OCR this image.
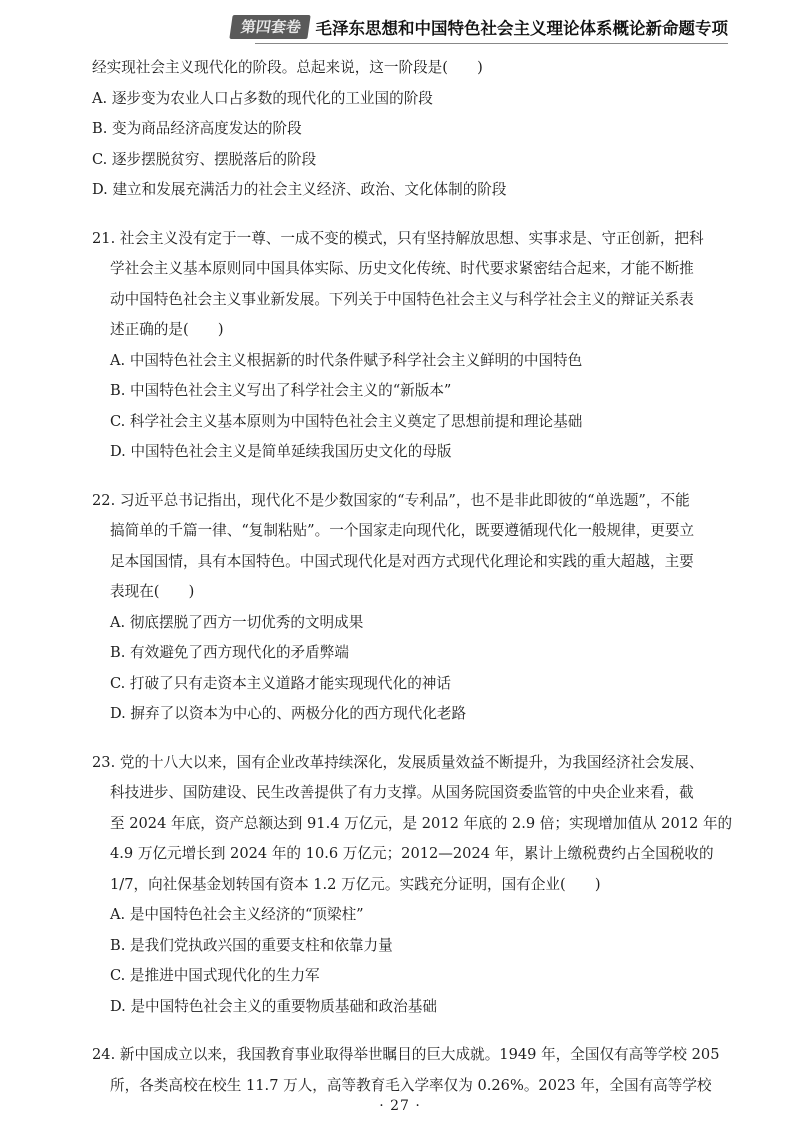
第四套卷 毛泽东思想和中国特色社会主义理论体系概论新命题专项
经实现社会主义现代化的阶段。总起来说，这一阶段是(　　)
A. 逐步变为农业人口占多数的现代化的工业国的阶段
B. 变为商品经济高度发达的阶段
C. 逐步摆脱贫穷、摆脱落后的阶段
D. 建立和发展充满活力的社会主义经济、政治、文化体制的阶段
21. 社会主义没有定于一尊、一成不变的模式，只有坚持解放思想、实事求是、守正创新，把科
学社会主义基本原则同中国具体实际、历史文化传统、时代要求紧密结合起来，才能不断推
动中国特色社会主义事业新发展。下列关于中国特色社会主义与科学社会主义的辩证关系表
述正确的是(　　)
A. 中国特色社会主义根据新的时代条件赋予科学社会主义鲜明的中国特色
B. 中国特色社会主义写出了科学社会主义的“新版本”
C. 科学社会主义基本原则为中国特色社会主义奠定了思想前提和理论基础
D. 中国特色社会主义是简单延续我国历史文化的母版
22. 习近平总书记指出，现代化不是少数国家的“专利品”，也不是非此即彼的“单选题”，不能
搞简单的千篇一律、“复制粘贴”。一个国家走向现代化，既要遵循现代化一般规律，更要立
足本国国情，具有本国特色。中国式现代化是对西方式现代化理论和实践的重大超越，主要
表现在(　　)
A. 彻底摆脱了西方一切优秀的文明成果
B. 有效避免了西方现代化的矛盾弊端
C. 打破了只有走资本主义道路才能实现现代化的神话
D. 摒弃了以资本为中心的、两极分化的西方现代化老路
23. 党的十八大以来，国有企业改革持续深化，发展质量效益不断提升，为我国经济社会发展、
科技进步、国防建设、民生改善提供了有力支撑。从国务院国资委监管的中央企业来看，截
至 2024 年底，资产总额达到 91.4 万亿元，是 2012 年底的 2.9 倍；实现增加值从 2012 年的
4.9 万亿元增长到 2024 年的 10.6 万亿元；2012—2024 年，累计上缴税费约占全国税收的
1/7，向社保基金划转国有资本 1.2 万亿元。实践充分证明，国有企业(　　)
A. 是中国特色社会主义经济的“顶梁柱”
B. 是我们党执政兴国的重要支柱和依靠力量
C. 是推进中国式现代化的生力军
D. 是中国特色社会主义的重要物质基础和政治基础
24. 新中国成立以来，我国教育事业取得举世瞩目的巨大成就。1949 年，全国仅有高等学校 205
所，各类高校在校生 11.7 万人，高等教育毛入学率仅为 0.26%。2023 年，全国有高等学校
· 27 ·
